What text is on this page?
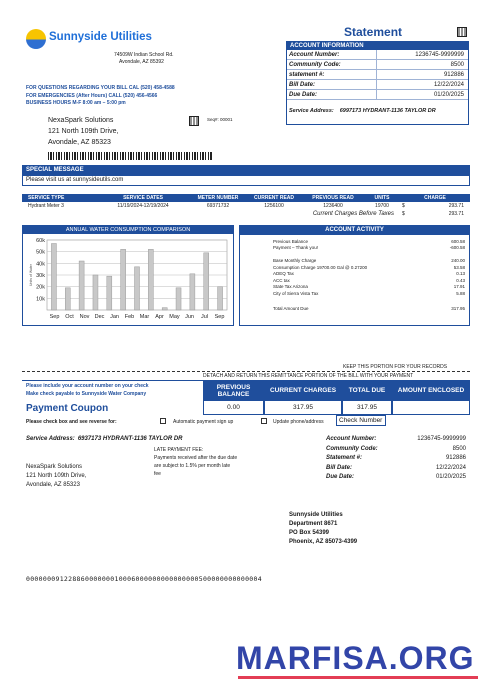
Sunnyside Utilities
74509W Indian School Rd.
Avondale, AZ 85392
FOR QUESTIONS REGARDING YOUR BILL CAL (520) 458-4588
FOR EMERGENCIES (After Hours) CALL (520) 456-4566
BUSINESS HOURS M-F 8:00 am – 5:00 pm
NexaSpark Solutions
121 North 109th Drive,
Avondale, AZ 85323
Seq#: 00001
Statement
ACCOUNT INFORMATION
Account Number:	1236745-9999999
Community Code:	8500
statement #:	912886
Bill Date:	12/22/2024
Due Date:	01/20/2025
Service Address: 6997173 HYDRANT-1136 TAYLOR DR
SPECIAL MESSAGE
Please visit us at sunnysideutils.com
SERVICE TYPE	SERVICE DATES	METER NUMBER	CURRENT READ	PREVIOUS READ	UNITS	CHARGE
Hydrant Meter 3	11/19/2024-12/19/2024	69371732	1256100	1236400	19700	$	293.71
Current Charges Before Taxes	$	293.71
ANNUAL WATER CONSUMPTION COMPARISON
60k
50k
40k
30k
20k
10k
Units of Water
Sep Oct Nov Dec Jan Feb Mar Apr May Jun Jul Sep
ACCOUNT ACTIVITY
Previous Balance	600.58
Payment – Thank you!	-600.58
Base Monthly Charge	240.00
Consumption Charge 19700.00 Gal @ 0.27200	53.58
ADEQ Tax	0.13
ACC tax	0.43
State Tax Arizona	17.91
City of Sierra Vista Tax	5.88
Total Amount Due	317.95
KEEP THIS PORTION FOR YOUR RECORDS
DETACH AND RETURN THIS REMITTANCE PORTION OF THE BILL WITH YOUR PAYMENT
Please include your account number on your check
Make check payable to Sunnyside Water Company
Payment Coupon
Please check box and see reverse for:	Automatic payment sign up	Update phone/address
PREVIOUS BALANCE	CURRENT CHARGES	TOTAL DUE	AMOUNT ENCLOSED
0.00	317.95	317.95
Check Number
Service Address: 6937173 HYDRANT-1136 TAYLOR DR
LATE PAYMENT FEE:
Payments received after the due date
are subject to 1.5% per month late
fee
Account Number:	1236745-9999999
Community Code:	8500
Statement #:	912886
Bill Date:	12/22/2024
Due Date:	01/20/2025
NexaSpark Solutions
121 North 109th Drive,
Avondale, AZ 85323
Sunnyside Utilities
Department 8671
PO Box 54399
Phoenix, AZ 85073-4399
00000009122886000000010006000000000000000500000000000004
MARFISA.ORG
